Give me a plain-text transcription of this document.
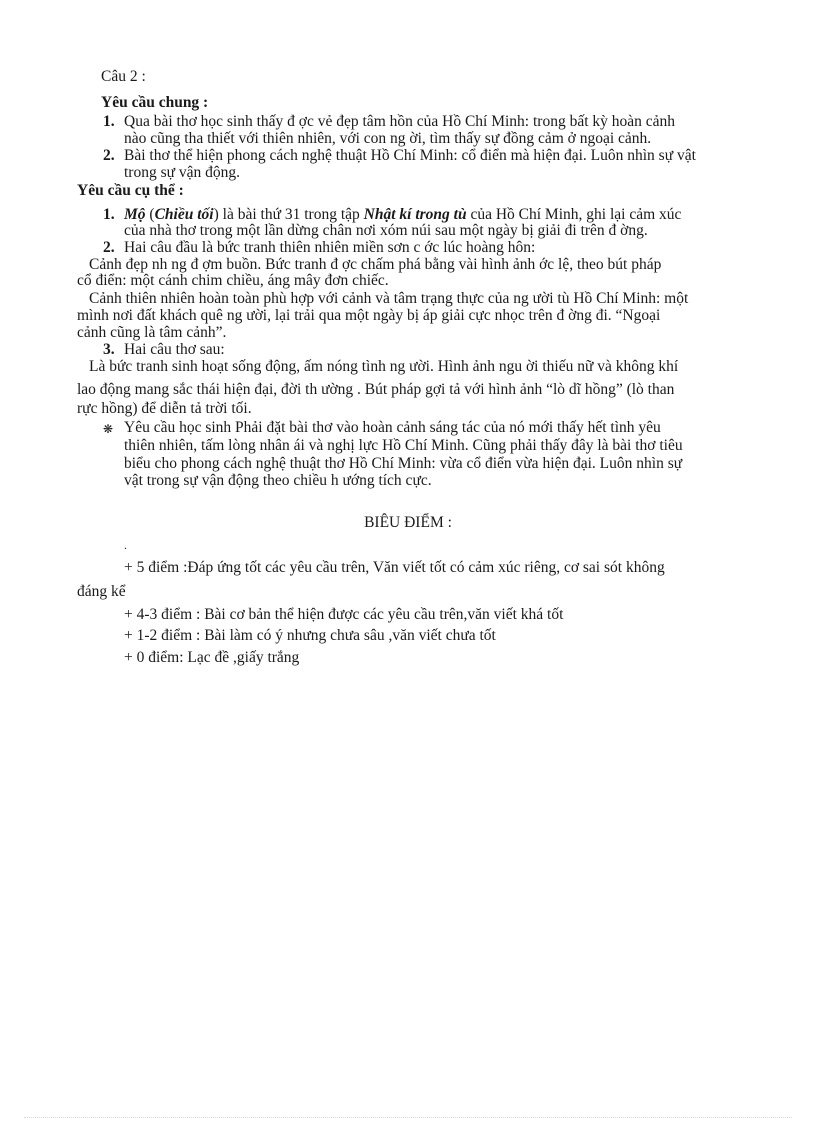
Câu 2 :
Yêu cầu chung :
1. Qua bài thơ học sinh thấy đ ợc vẻ đẹp tâm hồn của Hồ Chí Minh: trong bất kỳ hoàn cảnh
nào cũng tha thiết với thiên nhiên, với con ng ời, tìm thấy sự đồng cảm ở ngoại cảnh.
2. Bài thơ thể hiện phong cách nghệ thuật Hồ Chí Minh: cổ điển mà hiện đại. Luôn nhìn sự vật
trong sự vận động.
Yêu cầu cụ thể :
1. Mộ (Chiều tối) là bài thứ 31 trong tập Nhật kí trong tù của Hồ Chí Minh, ghi lại cảm xúc
của nhà thơ trong một lần dừng chân nơi xóm núi sau một ngày bị giải đi trên đ ờng.
2. Hai câu đầu là bức tranh thiên nhiên miền sơn c ớc lúc hoàng hôn:
Cảnh đẹp nh ng đ ợm buồn. Bức tranh đ ợc chấm phá bằng vài hình ảnh ớc lệ, theo bút pháp
cổ điển: một cánh chim chiều, áng mây đơn chiếc.
Cảnh thiên nhiên hoàn toàn phù hợp với cảnh và tâm trạng thực của ng ười tù Hồ Chí Minh: một
mình nơi đất khách quê ng ười, lại trải qua một ngày bị áp giải cực nhọc trên đ ờng đi. “Ngoại
cảnh cũng là tâm cảnh”.
3. Hai câu thơ sau:
Là bức tranh sinh hoạt sống động, ấm nóng tình ng ười. Hình ảnh ngu ời thiếu nữ và không khí
lao động mang sắc thái hiện đại, đời th ường . Bút pháp gợi tả với hình ảnh “lò dĩ hồng” (lò than
rực hồng) để diễn tả trời tối.
❋ Yêu cầu học sinh Phải đặt bài thơ vào hoàn cảnh sáng tác của nó mới thấy hết tình yêu
thiên nhiên, tấm lòng nhân ái và nghị lực Hồ Chí Minh. Cũng phải thấy đây là bài thơ tiêu
biểu cho phong cách nghệ thuật thơ Hồ Chí Minh: vừa cổ điển vừa hiện đại. Luôn nhìn sự
vật trong sự vận động theo chiều h ướng tích cực.
BIÊU ĐIỂM :
.
+ 5 điểm :Đáp ứng tốt các yêu cầu trên, Văn viết tốt có cảm xúc riêng, cơ sai sót không
đáng kể
+ 4-3 điểm : Bài cơ bản thể hiện được các yêu cầu trên,văn viết khá tốt
+ 1-2 điểm : Bài làm có ý nhưng chưa sâu ,văn viết chưa tốt
+ 0 điểm: Lạc đề ,giấy trắng
